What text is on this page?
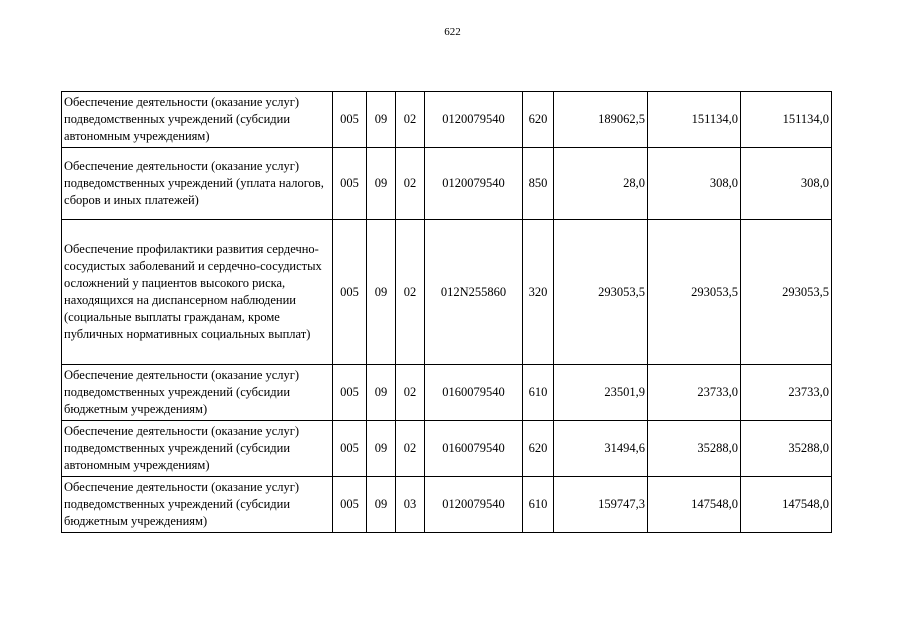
622
Обеспечение деятельности (оказание услуг) подведомственных учреждений (субсидии автономным учреждениям)	005	09	02	0120079540	620	189062,5	151134,0	151134,0
Обеспечение деятельности (оказание услуг) подведомственных учреждений (уплата налогов, сборов и иных платежей)	005	09	02	0120079540	850	28,0	308,0	308,0
Обеспечение профилактики развития сердечно-сосудистых заболеваний и сердечно-сосудистых осложнений у пациентов высокого риска, находящихся на диспансерном наблюдении (социальные выплаты гражданам, кроме публичных нормативных социальных выплат)	005	09	02	012N255860	320	293053,5	293053,5	293053,5
Обеспечение деятельности (оказание услуг) подведомственных учреждений (субсидии бюджетным учреждениям)	005	09	02	0160079540	610	23501,9	23733,0	23733,0
Обеспечение деятельности (оказание услуг) подведомственных учреждений (субсидии автономным учреждениям)	005	09	02	0160079540	620	31494,6	35288,0	35288,0
Обеспечение деятельности (оказание услуг) подведомственных учреждений (субсидии бюджетным учреждениям)	005	09	03	0120079540	610	159747,3	147548,0	147548,0
